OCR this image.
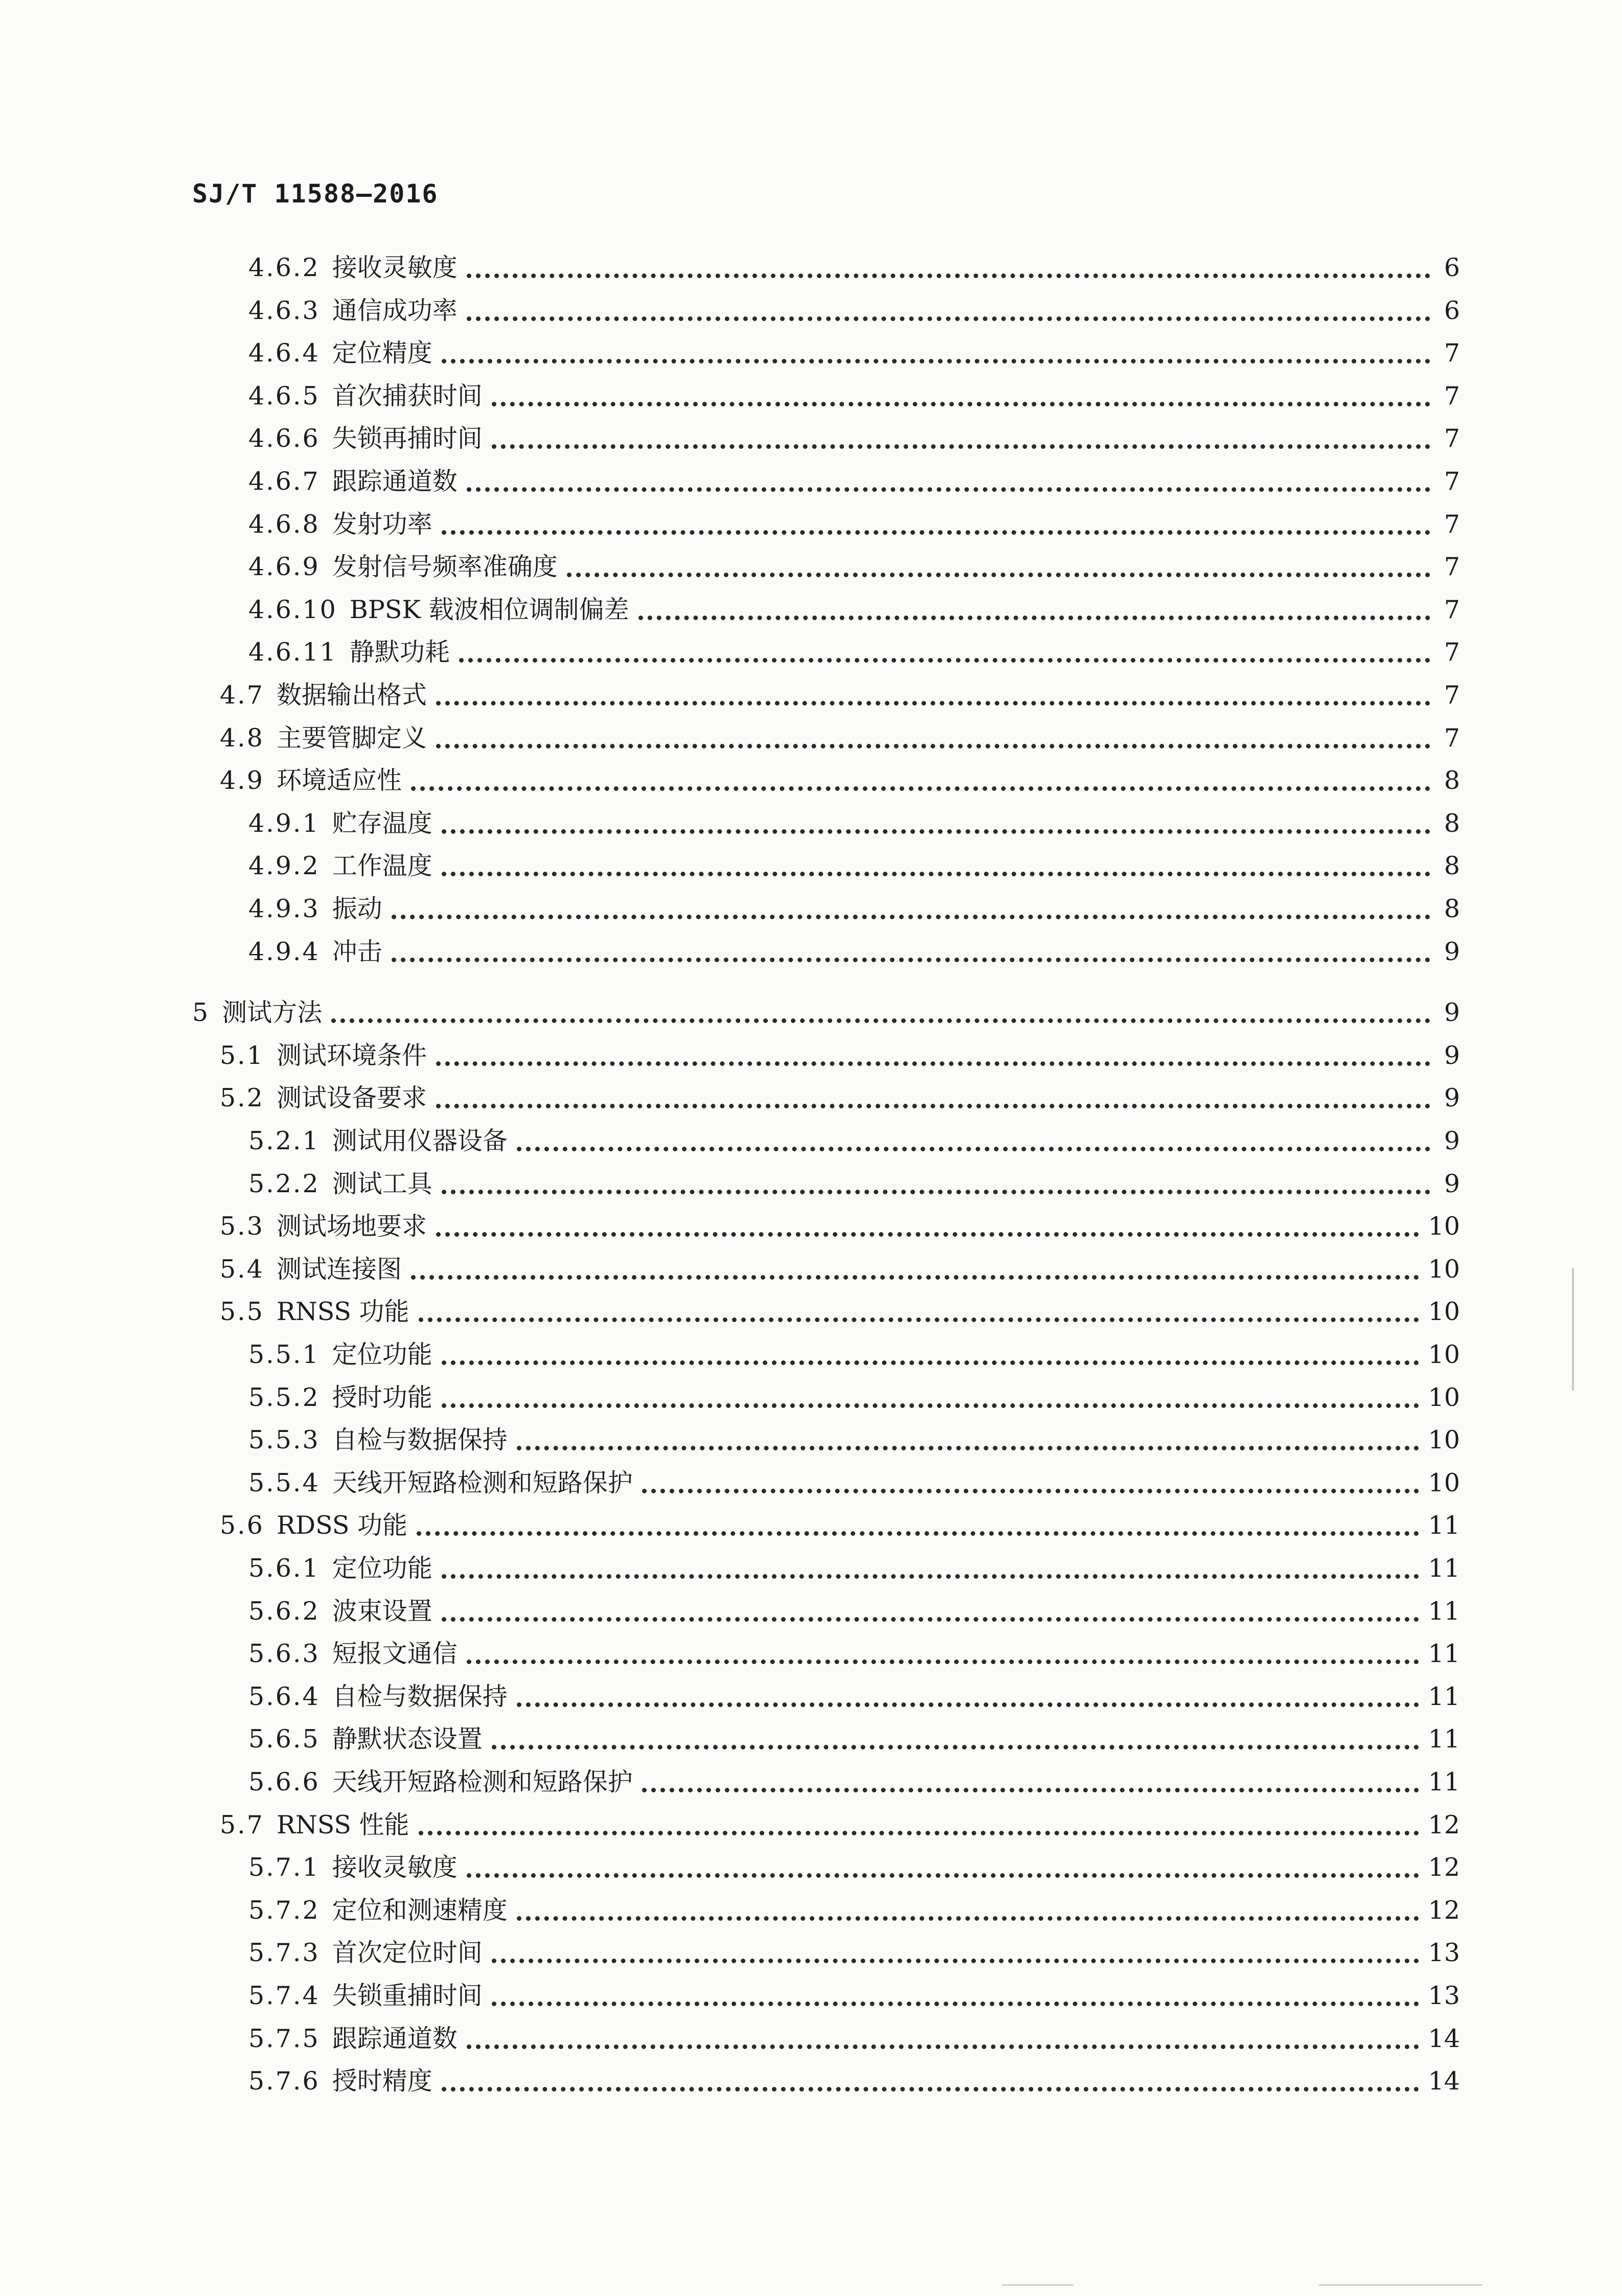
SJ/T 11588—2016
4.6.2 接收灵敏度	6
4.6.3 通信成功率	6
4.6.4 定位精度	7
4.6.5 首次捕获时间	7
4.6.6 失锁再捕时间	7
4.6.7 跟踪通道数	7
4.6.8 发射功率	7
4.6.9 发射信号频率准确度	7
4.6.10 BPSK 载波相位调制偏差	7
4.6.11 静默功耗	7
4.7 数据输出格式	7
4.8 主要管脚定义	7
4.9 环境适应性	8
4.9.1 贮存温度	8
4.9.2 工作温度	8
4.9.3 振动	8
4.9.4 冲击	9
5 测试方法	9
5.1 测试环境条件	9
5.2 测试设备要求	9
5.2.1 测试用仪器设备	9
5.2.2 测试工具	9
5.3 测试场地要求	10
5.4 测试连接图	10
5.5 RNSS 功能	10
5.5.1 定位功能	10
5.5.2 授时功能	10
5.5.3 自检与数据保持	10
5.5.4 天线开短路检测和短路保护	10
5.6 RDSS 功能	11
5.6.1 定位功能	11
5.6.2 波束设置	11
5.6.3 短报文通信	11
5.6.4 自检与数据保持	11
5.6.5 静默状态设置	11
5.6.6 天线开短路检测和短路保护	11
5.7 RNSS 性能	12
5.7.1 接收灵敏度	12
5.7.2 定位和测速精度	12
5.7.3 首次定位时间	13
5.7.4 失锁重捕时间	13
5.7.5 跟踪通道数	14
5.7.6 授时精度	14
